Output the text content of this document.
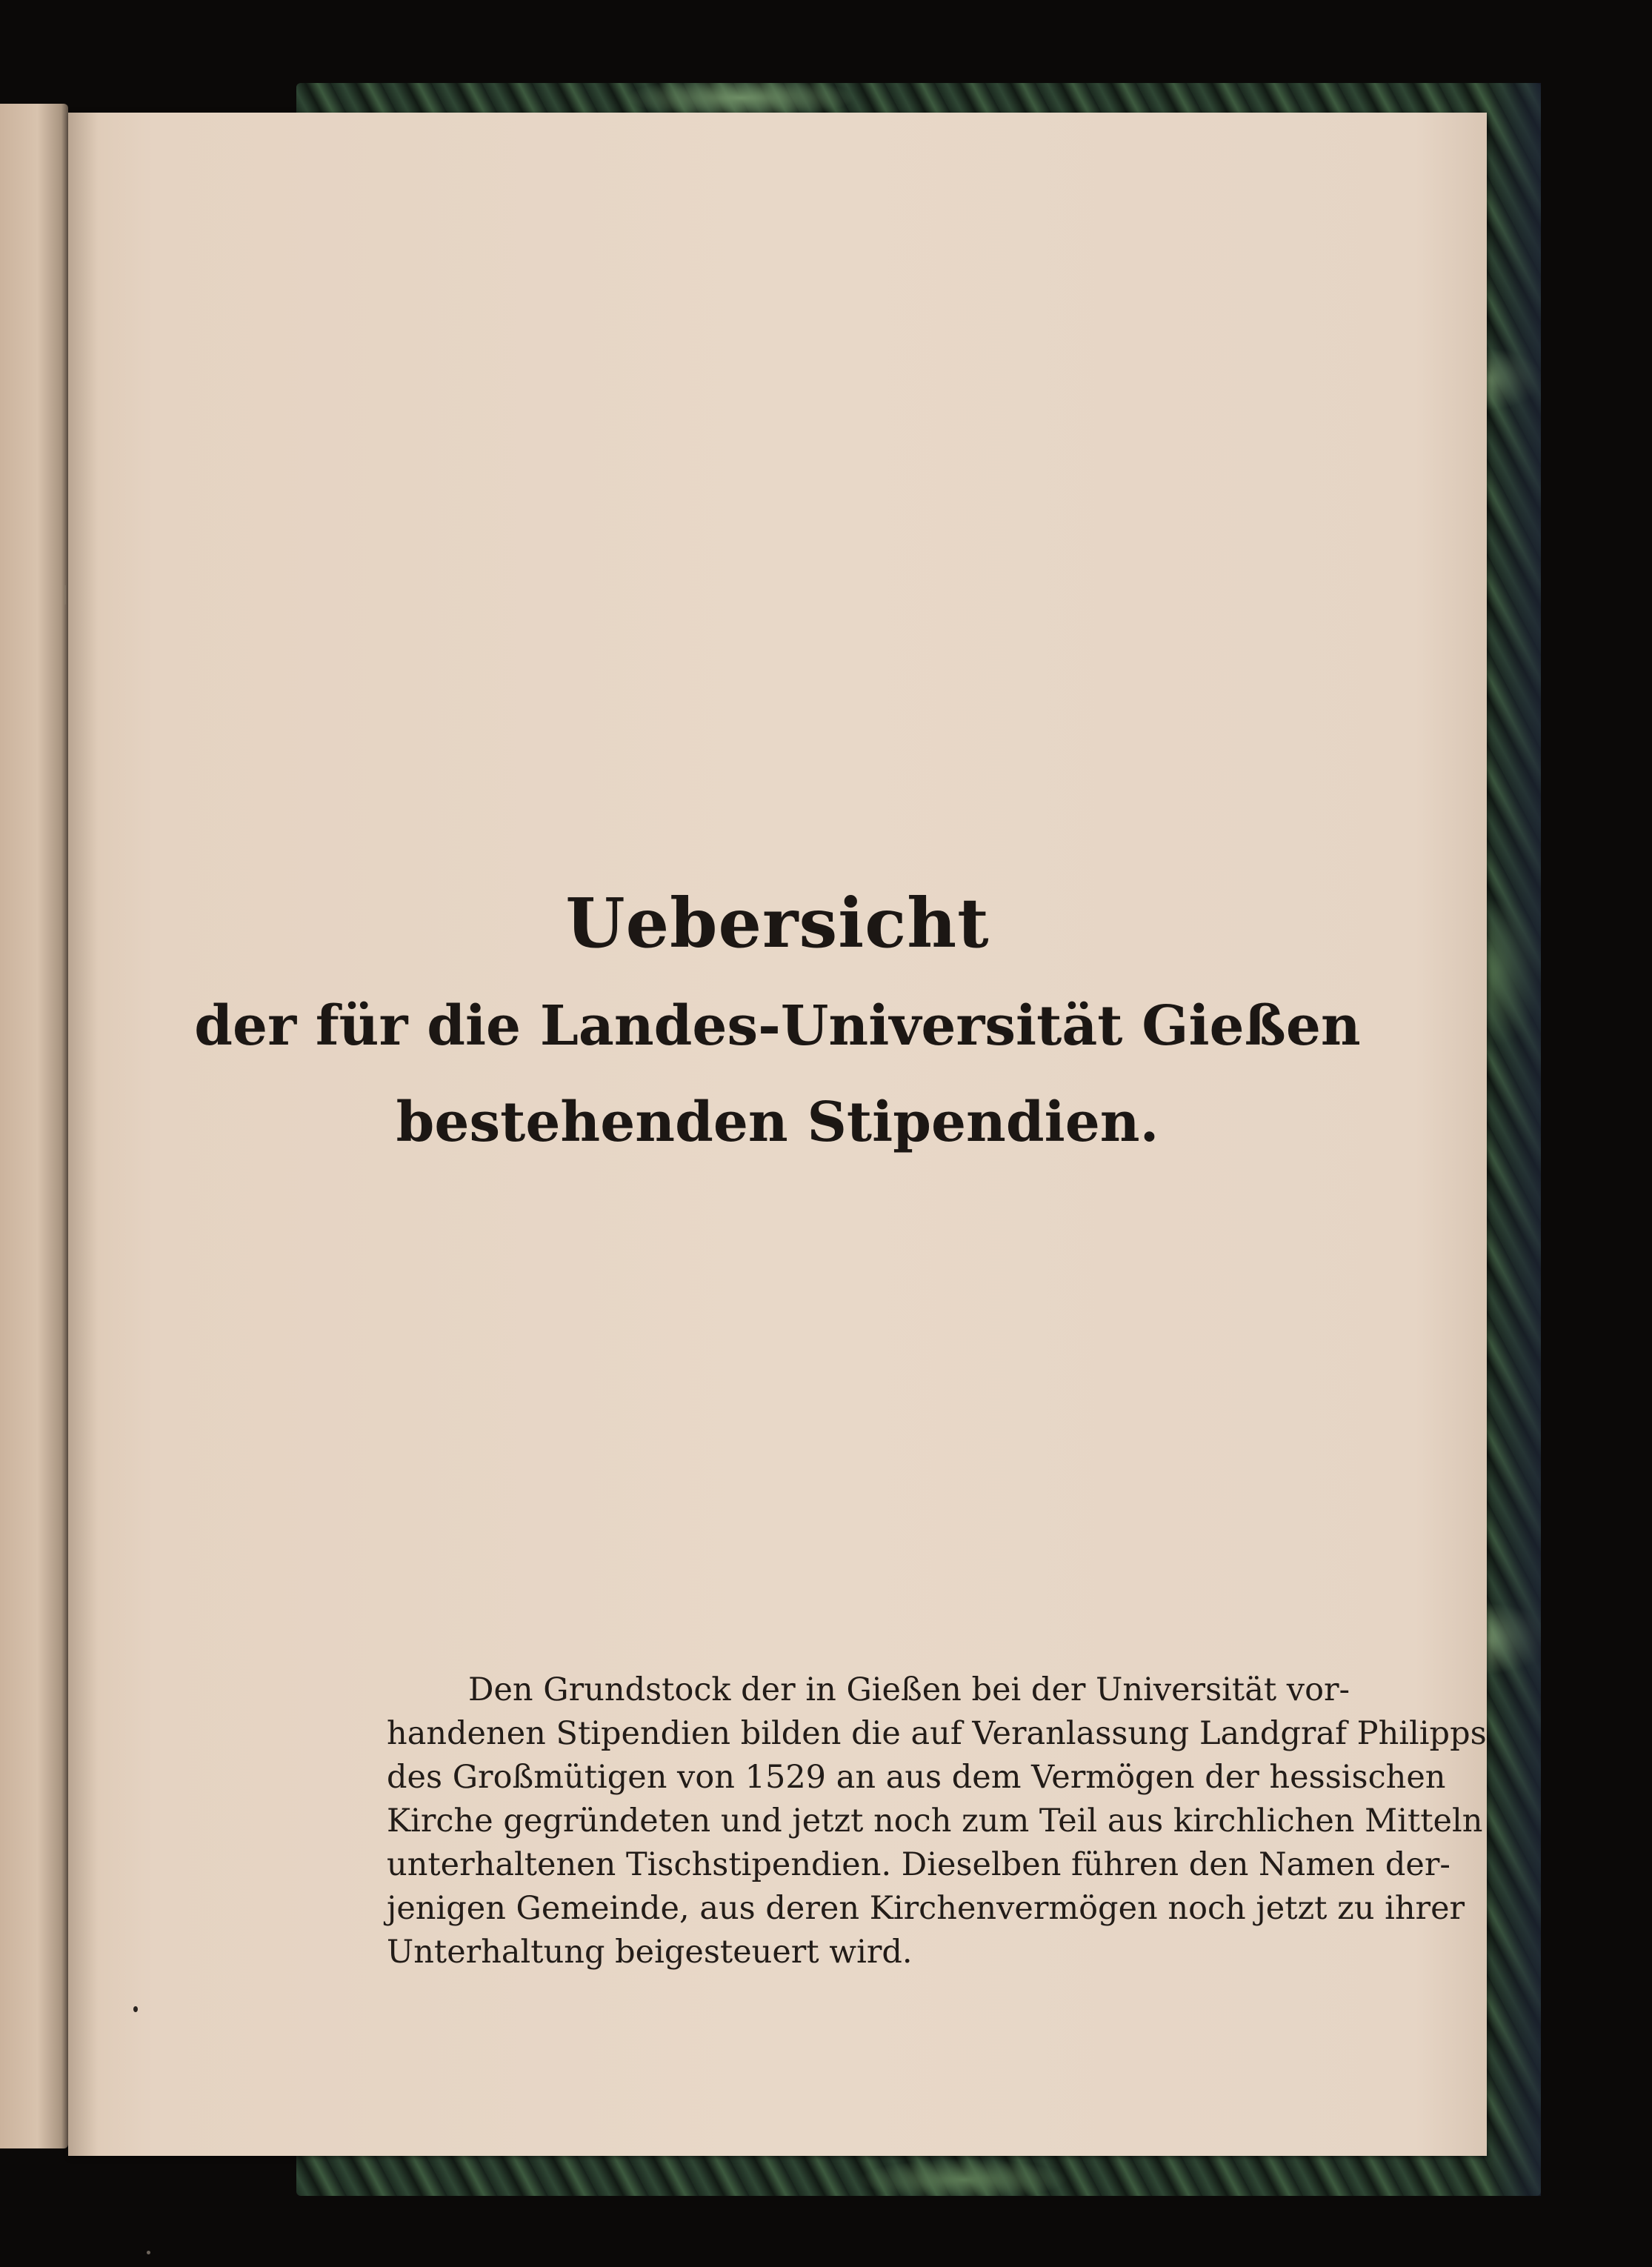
Uebersicht
der für die Landes-Universität Gießen
bestehenden Stipendien.
Den Grundstock der in Gießen bei der Universität vor-
handenen Stipendien bilden die auf Veranlassung Landgraf Philipps
des Großmütigen von 1529 an aus dem Vermögen der hessischen
Kirche gegründeten und jetzt noch zum Teil aus kirchlichen Mitteln
unterhaltenen Tischstipendien. Dieselben führen den Namen der-
jenigen Gemeinde, aus deren Kirchenvermögen noch jetzt zu ihrer
Unterhaltung beigesteuert wird.
